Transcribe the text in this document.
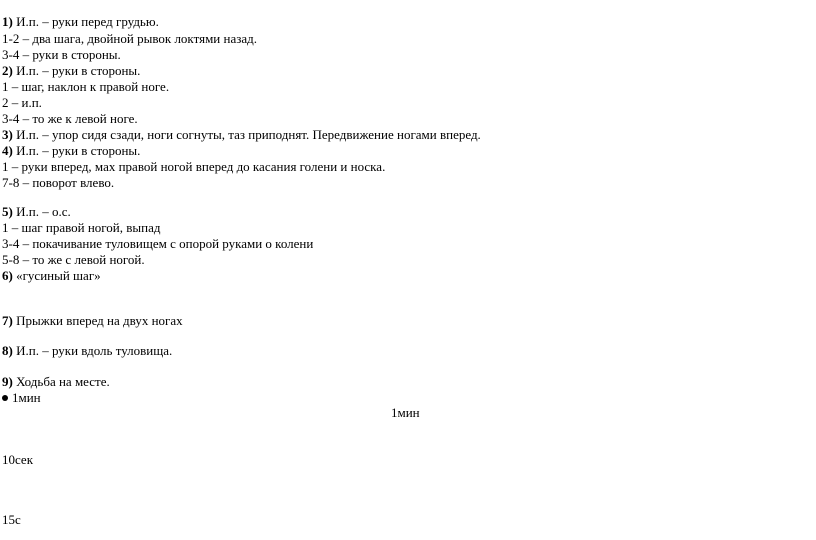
1) И.п. – руки перед грудью.
1-2 – два шага, двойной рывок локтями назад.
3-4 – руки в стороны.
2) И.п. – руки в стороны.
1 – шаг, наклон к правой ноге.
2 – и.п.
3-4 – то же к левой ноге.
3) И.п. – упор сидя сзади, ноги согнуты, таз приподнят. Передвижение ногами вперед.
4) И.п. – руки в стороны.
1 – руки вперед, мах правой ногой вперед до касания голени и носка.
7-8 – поворот влево.
5) И.п. – о.с.
1 – шаг правой ногой, выпад
3-4 – покачивание туловищем с опорой руками о колени
5-8 – то же с левой ногой.
6) «гусиный шаг»
7) Прыжки вперед на двух ногах
8) И.п. – руки вдоль туловища.
9) Ходьба на месте.
1мин
1мин
10сек
15с
